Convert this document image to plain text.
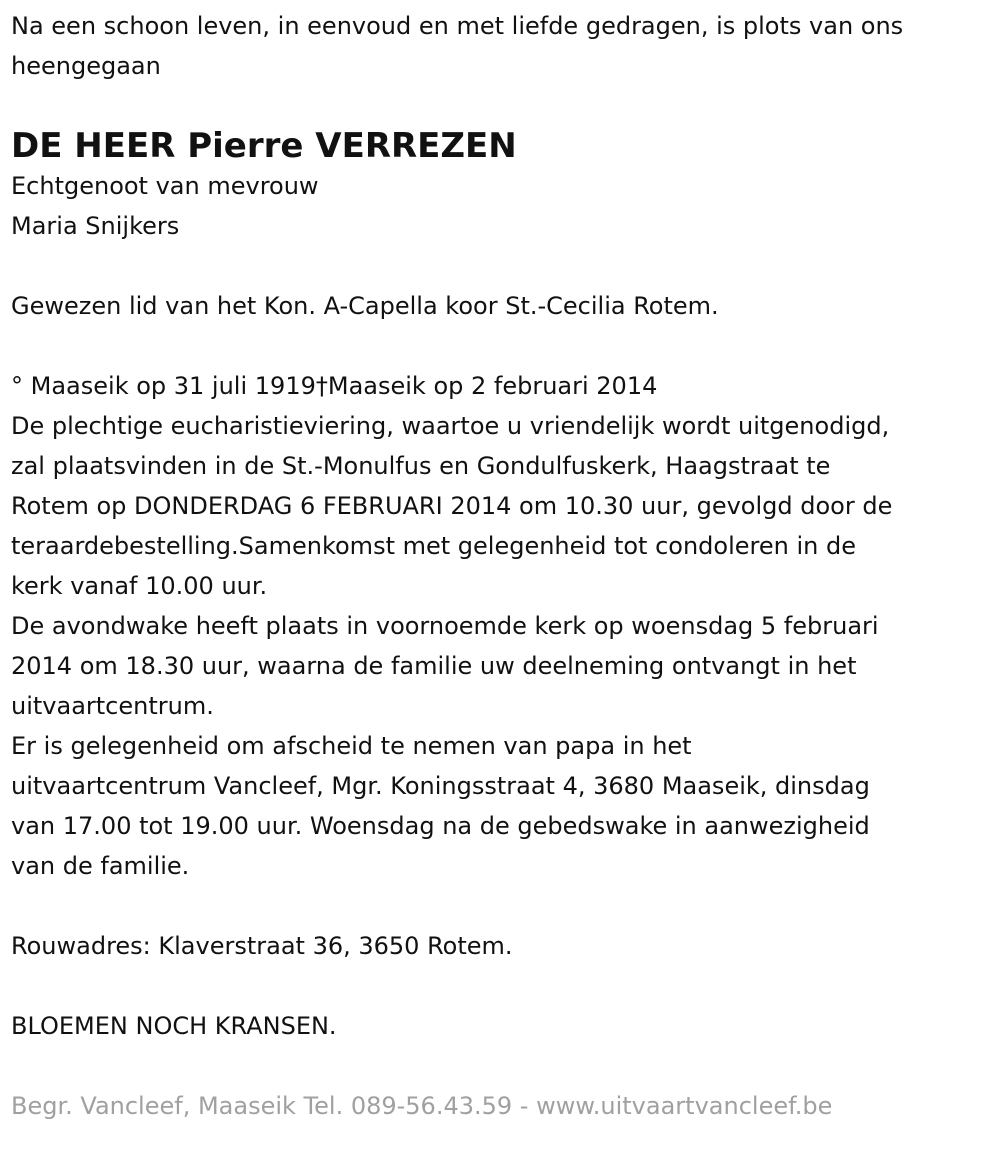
Na een schoon leven, in eenvoud en met liefde gedragen, is plots van ons

heengegaan

DE HEER Pierre VERREZEN

Echtgenoot van mevrouw

Maria Snijkers

Gewezen lid van het Kon. A-Capella koor St.-Cecilia Rotem.

° Maaseik op 31 juli 1919†Maaseik op 2 februari 2014

De plechtige eucharistieviering, waartoe u vriendelijk wordt uitgenodigd,

zal plaatsvinden in de St.-Monulfus en Gondulfuskerk, Haagstraat te

Rotem op DONDERDAG 6 FEBRUARI 2014 om 10.30 uur, gevolgd door de

teraardebestelling.Samenkomst met gelegenheid tot condoleren in de

kerk vanaf 10.00 uur.

De avondwake heeft plaats in voornoemde kerk op woensdag 5 februari

2014 om 18.30 uur, waarna de familie uw deelneming ontvangt in het

uitvaartcentrum.

Er is gelegenheid om afscheid te nemen van papa in het

uitvaartcentrum Vancleef, Mgr. Koningsstraat 4, 3680 Maaseik, dinsdag

van 17.00 tot 19.00 uur. Woensdag na de gebedswake in aanwezigheid

van de familie.

Rouwadres: Klaverstraat 36, 3650 Rotem.

BLOEMEN NOCH KRANSEN.

Begr. Vancleef, Maaseik Tel. 089-56.43.59 - www.uitvaartvancleef.be
